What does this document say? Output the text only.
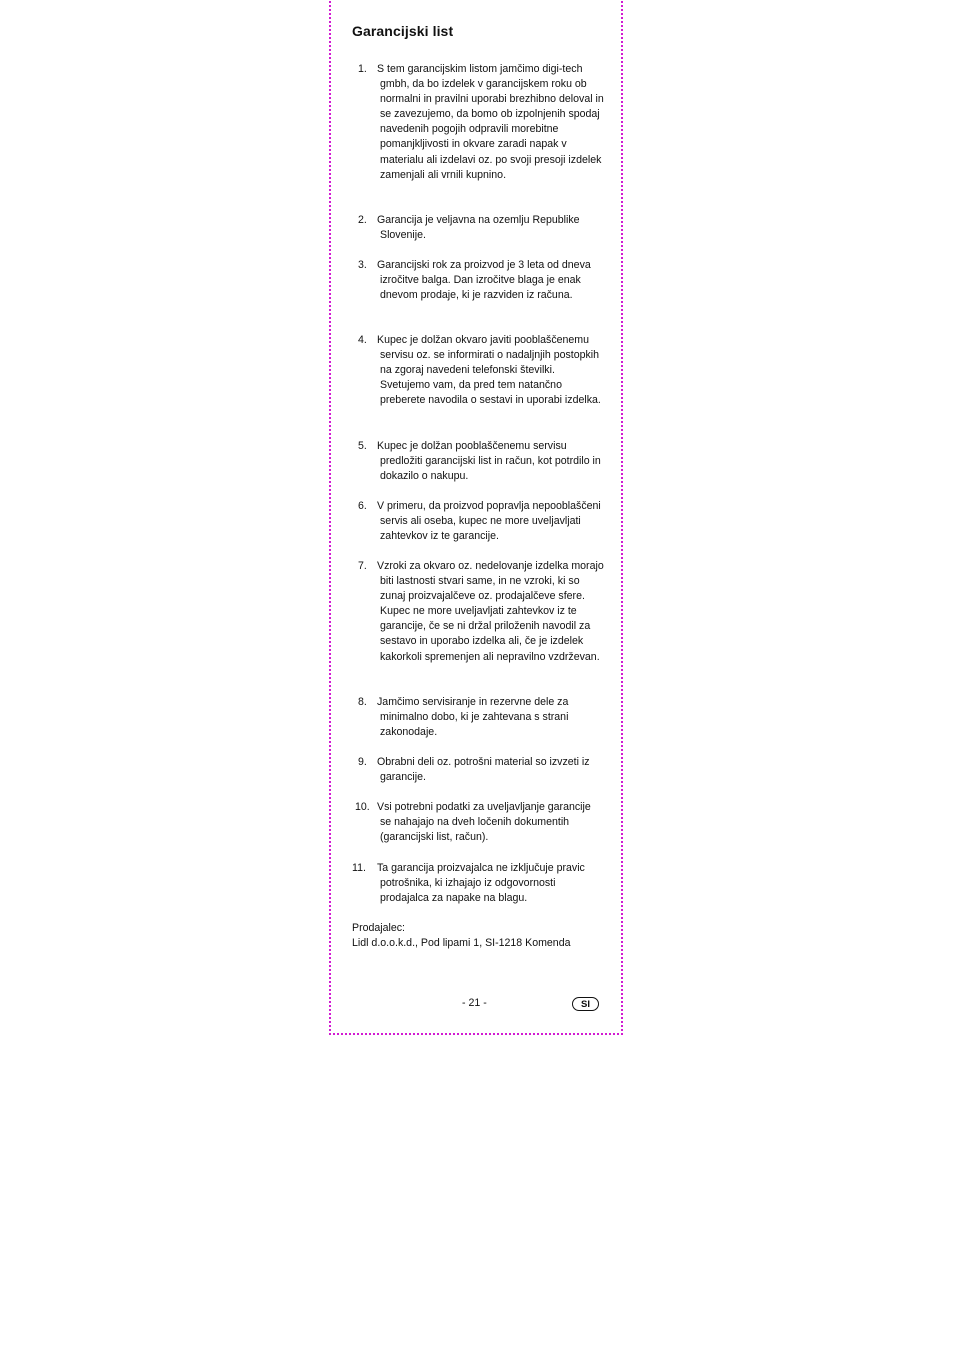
Garancijski list
1. S tem garancijskim listom jamčimo digi-tech gmbh, da bo izdelek v garancijskem roku ob normalni in pravilni uporabi brezhibno deloval in se zavezujemo, da bomo ob izpolnjenih spodaj navedenih pogojih odpravili morebitne pomanjkljivosti in okvare zaradi napak v materialu ali izdelavi oz. po svoji presoji izdelek zamenjali ali vrnili kupnino.
2. Garancija je veljavna na ozemlju Republike Slovenije.
3. Garancijski rok za proizvod je 3 leta od dneva izročitve balga. Dan izročitve blaga je enak dnevom prodaje, ki je razviden iz računa.
4. Kupec je dolžan okvaro javiti pooblaščenemu servisu oz. se informirati o nadaljnjih postopkih na zgoraj navedeni telefonski številki. Svetujemo vam, da pred tem natančno preberete navodila o sestavi in uporabi izdelka.
5. Kupec je dolžan pooblaščenemu servisu predložiti garancijski list in račun, kot potrdilo in dokazilo o nakupu.
6. V primeru, da proizvod popravlja nepooblaščeni servis ali oseba, kupec ne more uveljavljati zahtevkov iz te garancije.
7. Vzroki za okvaro oz. nedelovanje izdelka morajo biti lastnosti stvari same, in ne vzroki, ki so zunaj proizvajalčeve oz. prodajalčeve sfere. Kupec ne more uveljavljati zahtevkov iz te garancije, če se ni držal priloženih navodil za sestavo in uporabo izdelka ali, če je izdelek kakorkoli spremenjen ali nepravilno vzdrževan.
8. Jamčimo servisiranje in rezervne dele za minimalno dobo, ki je zahtevana s strani zakonodaje.
9. Obrabni deli oz. potrošni material so izvzeti iz garancije.
10. Vsi potrebni podatki za uveljavljanje garancije se nahajajo na dveh ločenih dokumentih (garancijski list, račun).
11.	Ta garancija proizvajalca ne izključuje pravic potrošnika, ki izhajajo iz odgovornosti prodajalca za napake na blagu.
Prodajalec:
Lidl d.o.o.k.d., Pod lipami 1, SI-1218 Komenda
- 21 -	SI
